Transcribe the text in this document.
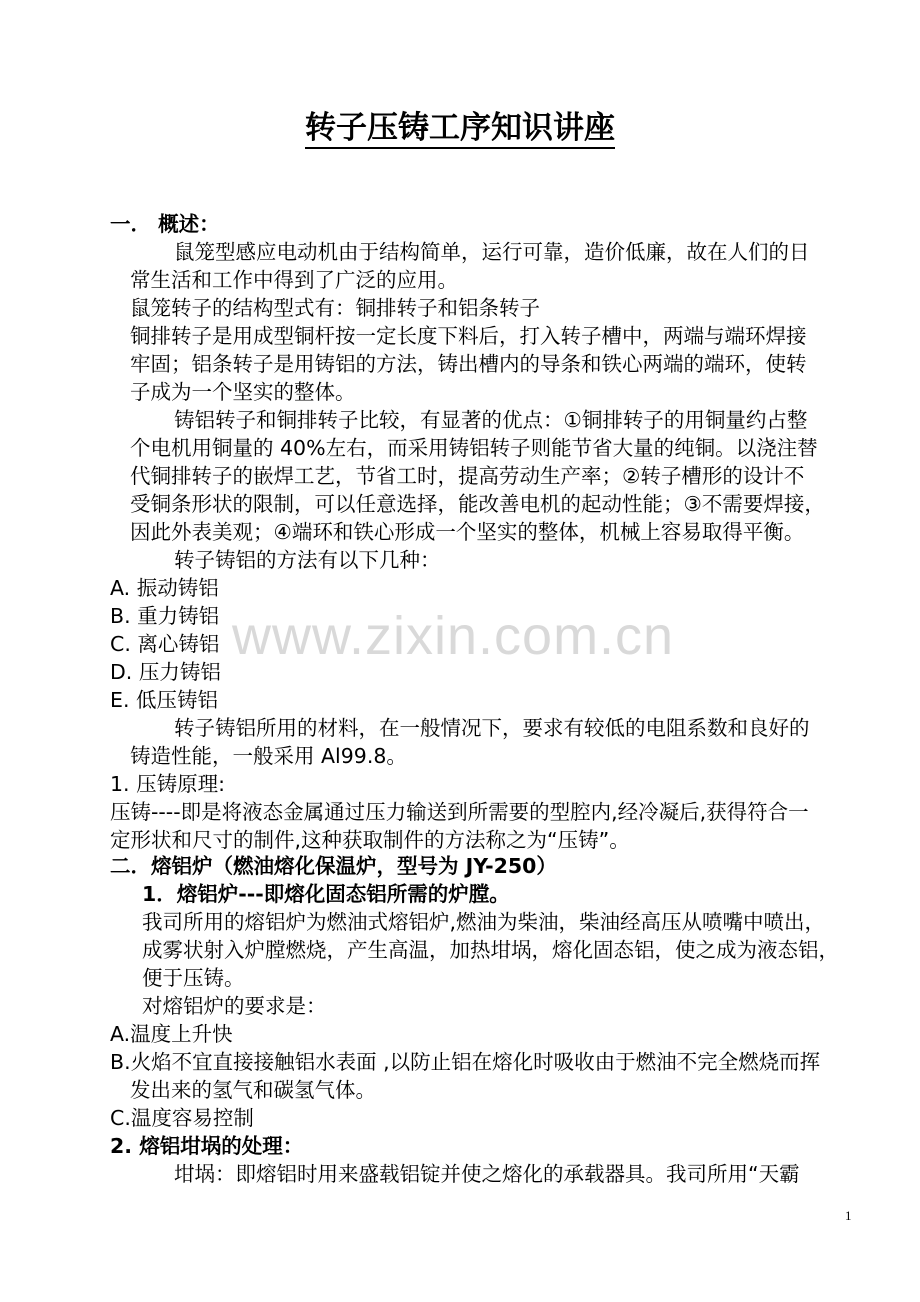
转子压铸工序知识讲座
www.zixin.com.cn
一． 概述：
鼠笼型感应电动机由于结构简单，运行可靠，造价低廉，故在人们的日
常生活和工作中得到了广泛的应用。
鼠笼转子的结构型式有：铜排转子和铝条转子
铜排转子是用成型铜杆按一定长度下料后，打入转子槽中，两端与端环焊接
牢固；铝条转子是用铸铝的方法，铸出槽内的导条和铁心两端的端环，使转
子成为一个坚实的整体。
铸铝转子和铜排转子比较，有显著的优点：①铜排转子的用铜量约占整
个电机用铜量的 40%左右，而采用铸铝转子则能节省大量的纯铜。以浇注替
代铜排转子的嵌焊工艺，节省工时，提高劳动生产率；②转子槽形的设计不
受铜条形状的限制，可以任意选择，能改善电机的起动性能；③不需要焊接，
因此外表美观；④端环和铁心形成一个坚实的整体，机械上容易取得平衡。
转子铸铝的方法有以下几种：
A. 振动铸铝
B. 重力铸铝
C. 离心铸铝
D. 压力铸铝
E. 低压铸铝
转子铸铝所用的材料，在一般情况下，要求有较低的电阻系数和良好的
铸造性能，一般采用 Al99.8。
1. 压铸原理:
压铸----即是将液态金属通过压力输送到所需要的型腔内,经冷凝后,获得符合一
定形状和尺寸的制件,这种获取制件的方法称之为“压铸”。
二．熔铝炉（燃油熔化保温炉，型号为 JY-250）
1．熔铝炉---即熔化固态铝所需的炉膛。
我司所用的熔铝炉为燃油式熔铝炉,燃油为柴油，柴油经高压从喷嘴中喷出，
成雾状射入炉膛燃烧，产生高温，加热坩埚，熔化固态铝，使之成为液态铝，
便于压铸。
对熔铝炉的要求是：
A.温度上升快
B.火焰不宜直接接触铝水表面 ,以防止铝在熔化时吸收由于燃油不完全燃烧而挥
发出来的氢气和碳氢气体。
C.温度容易控制
2. 熔铝坩埚的处理：
坩埚：即熔铝时用来盛载铝锭并使之熔化的承载器具。我司所用“天霸
1
